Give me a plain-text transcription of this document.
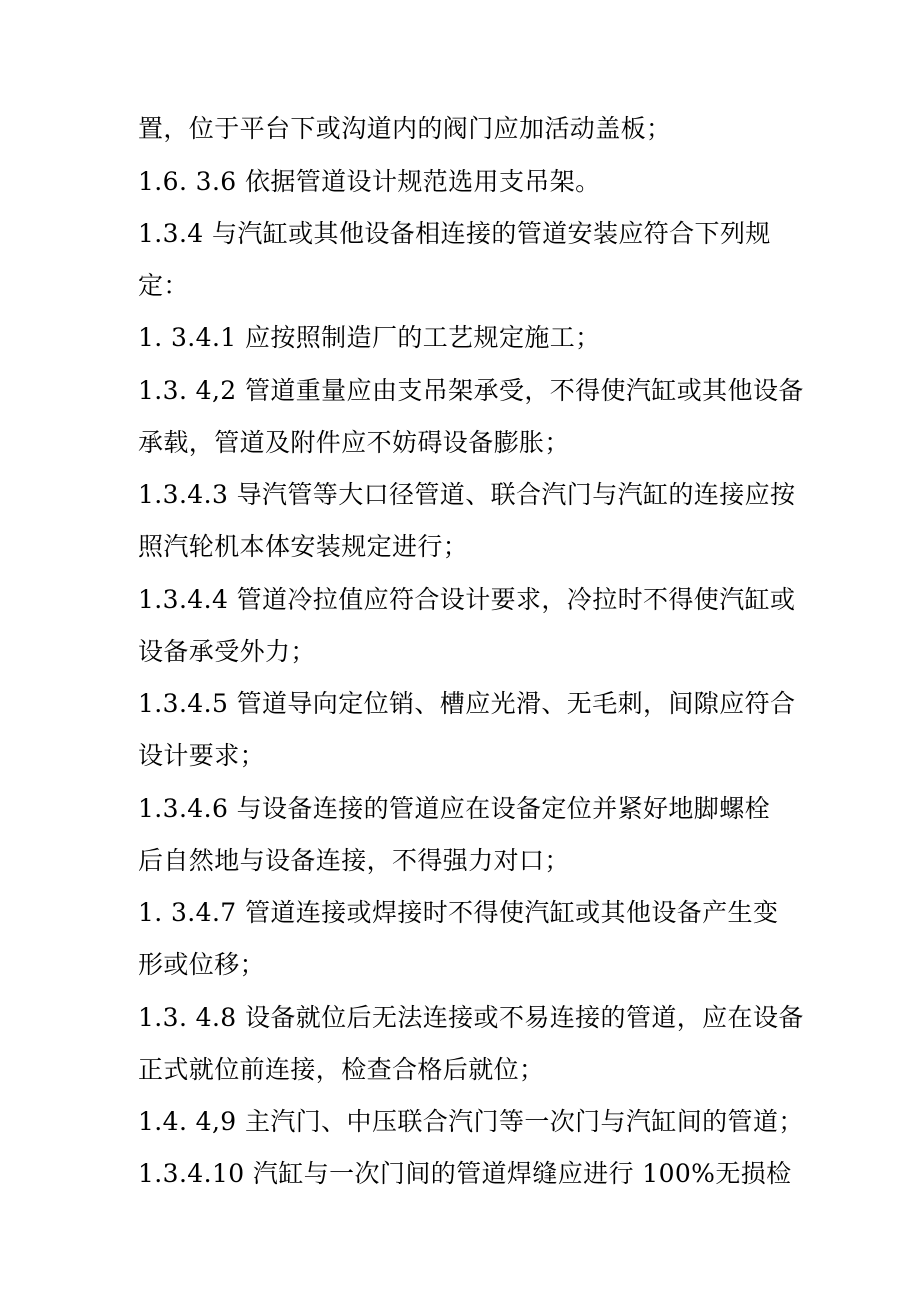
置，位于平台下或沟道内的阀门应加活动盖板；
1.6. 3.6 依据管道设计规范选用支吊架。
1.3.4 与汽缸或其他设备相连接的管道安装应符合下列规
定：
1. 3.4.1 应按照制造厂的工艺规定施工；
1.3. 4,2 管道重量应由支吊架承受，不得使汽缸或其他设备
承载，管道及附件应不妨碍设备膨胀；
1.3.4.3 导汽管等大口径管道、联合汽门与汽缸的连接应按
照汽轮机本体安装规定进行；
1.3.4.4 管道冷拉值应符合设计要求，冷拉时不得使汽缸或
设备承受外力；
1.3.4.5 管道导向定位销、槽应光滑、无毛刺，间隙应符合
设计要求；
1.3.4.6 与设备连接的管道应在设备定位并紧好地脚螺栓
后自然地与设备连接，不得强力对口；
1. 3.4.7 管道连接或焊接时不得使汽缸或其他设备产生变
形或位移；
1.3. 4.8 设备就位后无法连接或不易连接的管道，应在设备
正式就位前连接，检查合格后就位；
1.4. 4,9 主汽门、中压联合汽门等一次门与汽缸间的管道；
1.3.4.10 汽缸与一次门间的管道焊缝应进行 100%无损检
